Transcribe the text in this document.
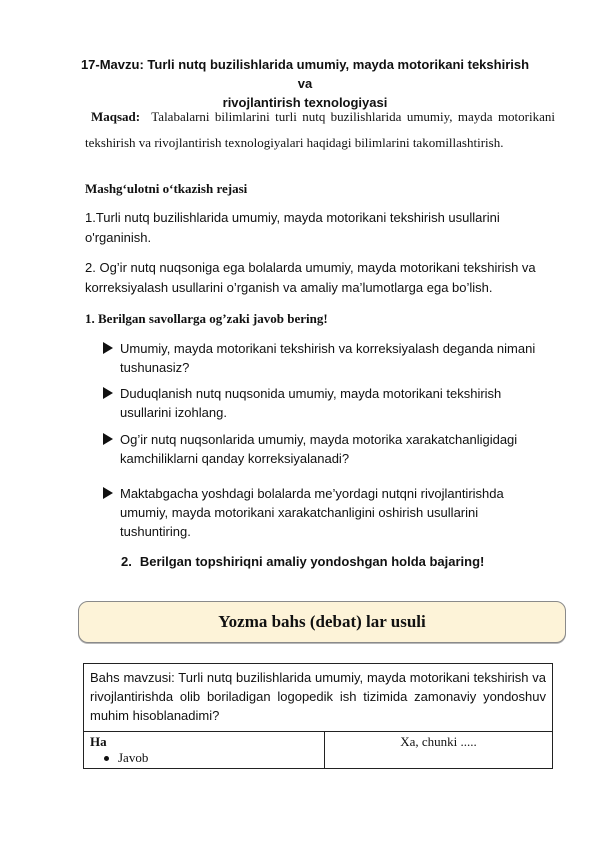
17-Mavzu: Turli nutq buzilishlarida umumiy, mayda motorikani tekshirish va
rivojlantirish texnologiyasi
Maqsad: Talabalarni bilimlarini turli nutq buzilishlarida umumiy, mayda motorikani tekshirish va rivojlantirish texnologiyalari haqidagi bilimlarini takomillashtirish.
Mashg‘ulotni o‘tkazish rejasi
1.Turli nutq buzilishlarida umumiy, mayda motorikani tekshirish usullarini o'rganinish.
2. Og’ir nutq nuqsoniga ega bolalarda umumiy, mayda motorikani tekshirish va korreksiyalash usullarini o’rganish va amaliy ma’lumotlarga ega bo’lish.
1. Berilgan savollarga og’zaki javob bering!
Umumiy, mayda motorikani tekshirish va korreksiyalash deganda nimani tushunasiz?
Duduqlanish nutq nuqsonida umumiy, mayda motorikani tekshirish usullarini izohlang.
Og’ir nutq nuqsonlarida umumiy, mayda motorika xarakatchanligidagi kamchiliklarni qanday korreksiyalanadi?
Maktabgacha yoshdagi bolalarda me’yordagi nutqni rivojlantirishda umumiy, mayda motorikani xarakatchanligini oshirish usullarini tushuntiring.
2. Berilgan topshiriqni amaliy yondoshgan holda bajaring!
Yozma bahs (debat) lar usuli
Bahs mavzusi: Turli nutq buzilishlarida umumiy, mayda motorikani tekshirish va rivojlantirishda olib boriladigan logopedik ish tizimida zamonaviy yondoshuv muhim hisoblanadimi?

Ha
Javob
	Xa, chunki .....
